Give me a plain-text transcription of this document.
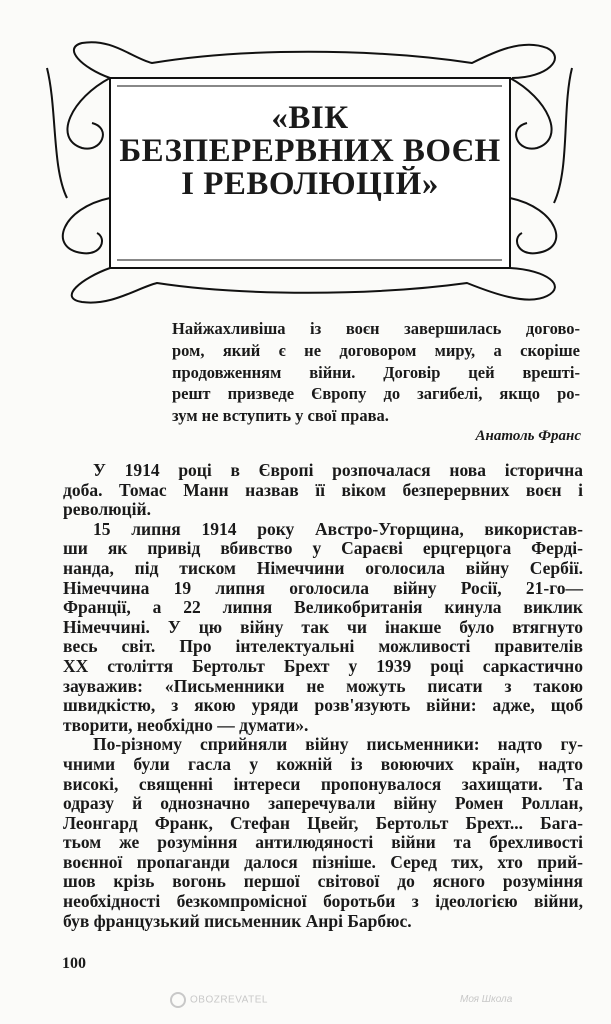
«ВІК
БЕЗПЕРЕРВНИХ ВОЄН
І РЕВОЛЮЦІЙ»
Найжахливіша із воєн завершилась догово-
ром, який є не договором миру, а скоріше
продовженням війни. Договір цей врешті-
решт призведе Європу до загибелі, якщо ро-
зум не вступить у свої права.
Анатоль Франс
У 1914 році в Європі розпочалася нова історична
доба. Томас Манн назвав її віком безперервних воєн і
революцій.
15 липня 1914 року Австро-Угорщина, використав-
ши як привід вбивство у Сараєві ерцгерцога Ферді-
нанда, під тиском Німеччини оголосила війну Сербії.
Німеччина 19 липня оголосила війну Росії, 21-го—
Франції, а 22 липня Великобританія кинула виклик
Німеччині. У цю війну так чи інакше було втягнуто
весь світ. Про інтелектуальні можливості правителів
XX століття Бертольт Брехт у 1939 році саркастично
зауважив: «Письменники не можуть писати з такою
швидкістю, з якою уряди розв'язують війни: адже, щоб
творити, необхідно — думати».
По-різному сприйняли війну письменники: надто гу-
чними були гасла у кожній із воюючих країн, надто
високі, священні інтереси пропонувалося захищати. Та
одразу й однозначно заперечували війну Ромен Роллан,
Леонгард Франк, Стефан Цвейг, Бертольт Брехт... Бага-
тьом же розуміння антилюдяності війни та брехливості
воєнної пропаганди далося пізніше. Серед тих, хто прий-
шов крізь вогонь першої світової до ясного розуміння
необхідності безкомпромісної боротьби з ідеологією війни,
був французький письменник Анрі Барбюс.
100
OBOZREVATEL	Моя Школа
